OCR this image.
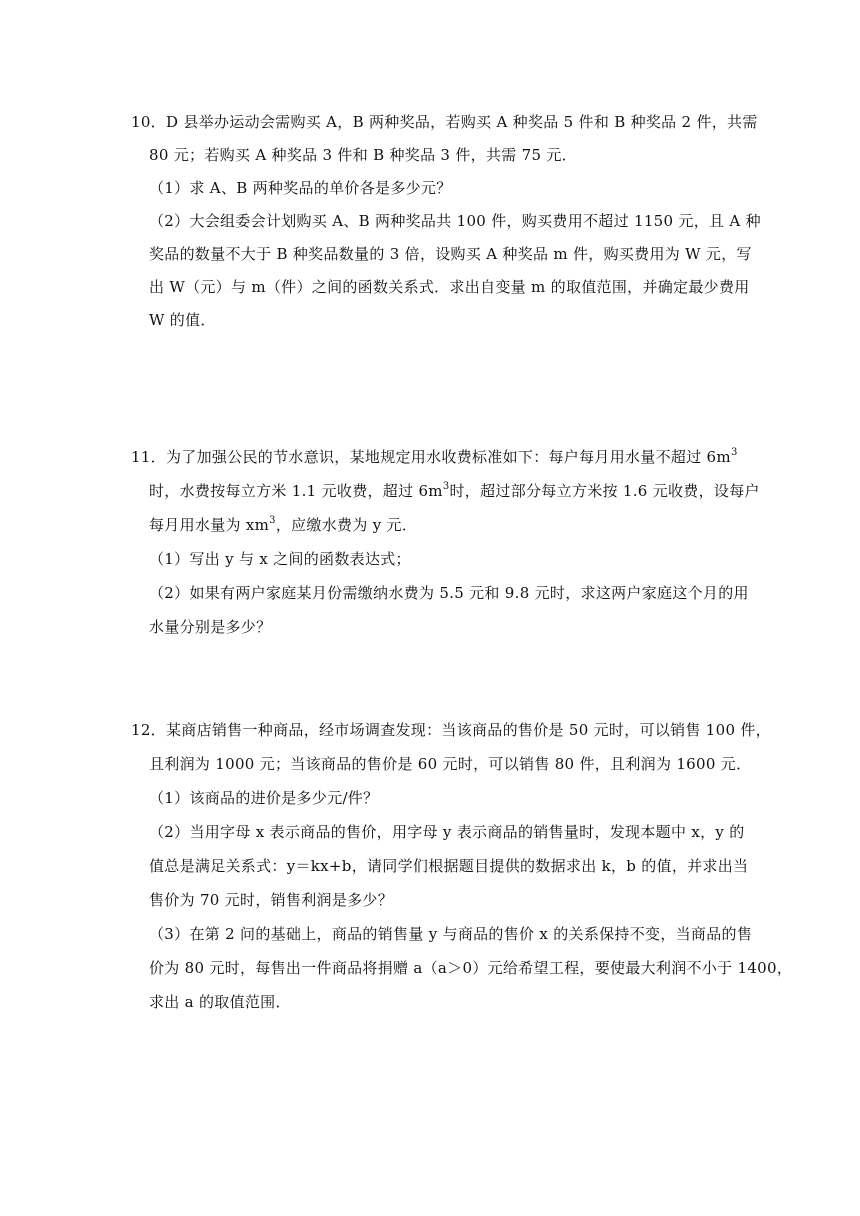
10．D 县举办运动会需购买 A，B 两种奖品，若购买 A 种奖品 5 件和 B 种奖品 2 件，共需
80 元；若购买 A 种奖品 3 件和 B 种奖品 3 件，共需 75 元．
（1）求 A、B 两种奖品的单价各是多少元？
（2）大会组委会计划购买 A、B 两种奖品共 100 件，购买费用不超过 1150 元，且 A 种
奖品的数量不大于 B 种奖品数量的 3 倍，设购买 A 种奖品 m 件，购买费用为 W 元，写
出 W（元）与 m（件）之间的函数关系式．求出自变量 m 的取值范围，并确定最少费用
W 的值．
11．为了加强公民的节水意识，某地规定用水收费标准如下：每户每月用水量不超过 $6m^3$
时，水费按每立方米 1.1 元收费，超过 $6m^3$时，超过部分每立方米按 1.6 元收费，设每户
每月用水量为 $xm^3$，应缴水费为 y 元．
（1）写出 y 与 x 之间的函数表达式；
（2）如果有两户家庭某月份需缴纳水费为 5.5 元和 9.8 元时，求这两户家庭这个月的用
水量分别是多少？
12．某商店销售一种商品，经市场调查发现：当该商品的售价是 50 元时，可以销售 100 件，
且利润为 1000 元；当该商品的售价是 60 元时，可以销售 80 件，且利润为 1600 元．
（1）该商品的进价是多少元/件？
（2）当用字母 x 表示商品的售价，用字母 y 表示商品的销售量时，发现本题中 x，y 的
值总是满足关系式：y＝kx+b，请同学们根据题目提供的数据求出 k，b 的值，并求出当
售价为 70 元时，销售利润是多少？
（3）在第 2 问的基础上，商品的销售量 y 与商品的售价 x 的关系保持不变，当商品的售
价为 80 元时，每售出一件商品将捐赠 a（a＞0）元给希望工程，要使最大利润不小于 1400，
求出 a 的取值范围．
